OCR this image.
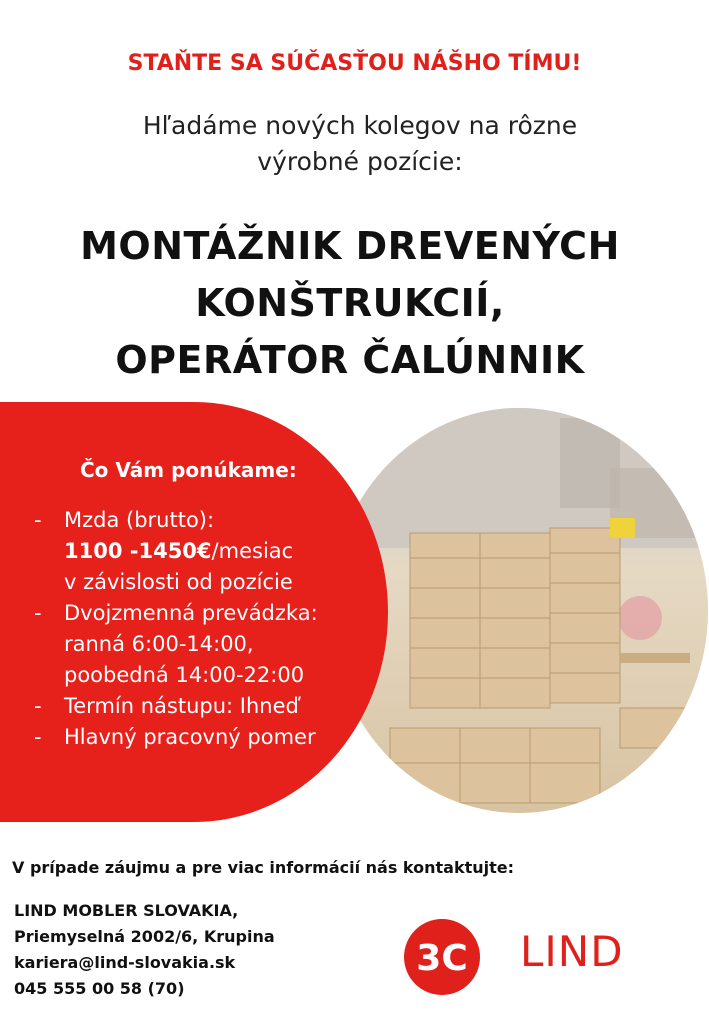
STAŇTE SA SÚČASŤOU NÁŠHO TÍMU!
Hľadáme nových kolegov na rôzne
výrobné pozície:
MONTÁŽNIK DREVENÝCH
KONŠTRUKCIÍ,
OPERÁTOR ČALÚNNIK
Čo Vám ponúkame:
- Mzda (brutto):
1100 -1450€/mesiac
v závislosti od pozície
- Dvojzmenná prevádzka:
ranná 6:00-14:00,
poobedná 14:00-22:00
- Termín nástupu: Ihneď
- Hlavný pracovný pomer
V prípade záujmu a pre viac informácií nás kontaktujte:
LIND MOBLER SLOVAKIA,
Priemyselná 2002/6, Krupina
kariera@lind-slovakia.sk
045 555 00 58 (70)
3C LIND
